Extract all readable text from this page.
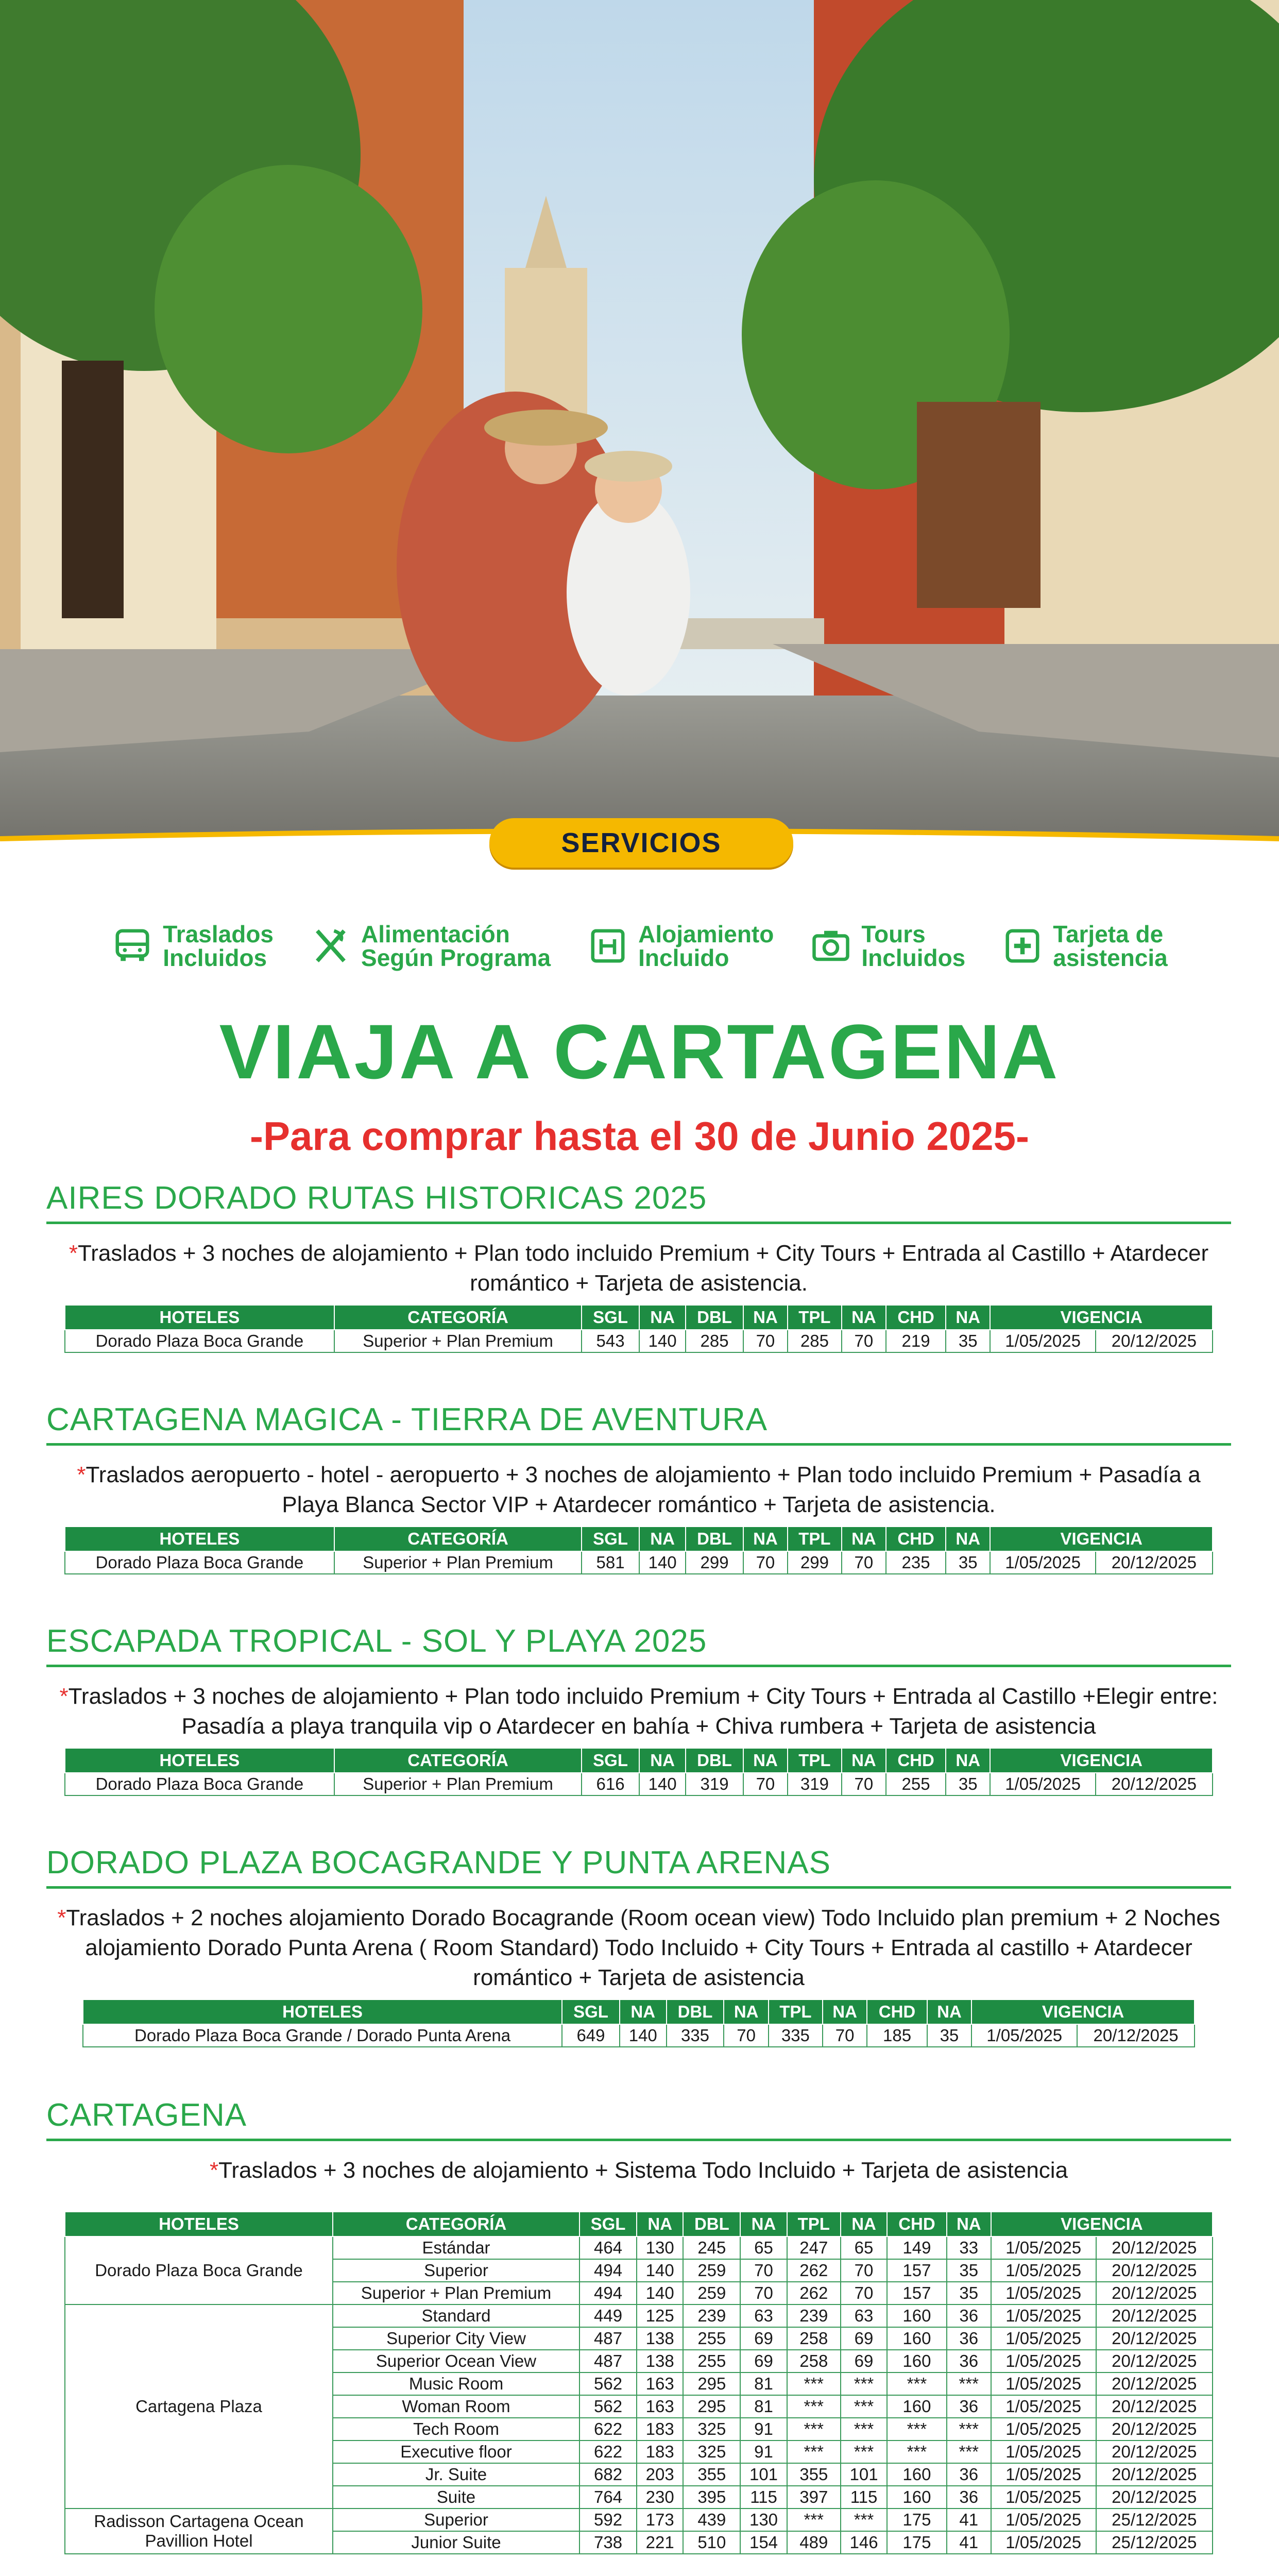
SERVICIOS
Traslados
Incluidos
Alimentación
Según Programa
Alojamiento
Incluido
Tours
Incluidos
Tarjeta de
asistencia
VIAJA A CARTAGENA
-Para comprar hasta el 30 de Junio 2025-
AIRES DORADO RUTAS HISTORICAS 2025

*Traslados + 3 noches de alojamiento + Plan todo incluido Premium + City Tours + Entrada al Castillo + Atardecer romántico + Tarjeta de asistencia.

HOTELES	CATEGORÍA	SGL	NA	DBL	NA	TPL	NA	CHD	NA	VIGENCIA	
Dorado Plaza Boca Grande	Superior + Plan Premium	543	140	285	70	285	70	219	35	1/05/2025	20/12/2025
CARTAGENA MAGICA - TIERRA DE AVENTURA

*Traslados aeropuerto - hotel - aeropuerto + 3 noches de alojamiento + Plan todo incluido Premium + Pasadía a Playa Blanca Sector VIP + Atardecer romántico + Tarjeta de asistencia.

HOTELES	CATEGORÍA	SGL	NA	DBL	NA	TPL	NA	CHD	NA	VIGENCIA	
Dorado Plaza Boca Grande	Superior + Plan Premium	581	140	299	70	299	70	235	35	1/05/2025	20/12/2025
ESCAPADA TROPICAL - SOL Y PLAYA 2025

*Traslados + 3 noches de alojamiento + Plan todo incluido Premium + City Tours + Entrada al Castillo +Elegir entre: Pasadía a playa tranquila vip o Atardecer en bahía + Chiva rumbera + Tarjeta de asistencia

HOTELES	CATEGORÍA	SGL	NA	DBL	NA	TPL	NA	CHD	NA	VIGENCIA	
Dorado Plaza Boca Grande	Superior + Plan Premium	616	140	319	70	319	70	255	35	1/05/2025	20/12/2025
DORADO PLAZA BOCAGRANDE Y PUNTA ARENAS

*Traslados + 2 noches alojamiento Dorado Bocagrande (Room ocean view) Todo Incluido plan premium + 2 Noches alojamiento Dorado Punta Arena ( Room Standard) Todo Incluido + City Tours + Entrada al castillo + Atardecer romántico + Tarjeta de asistencia

HOTELES	SGL	NA	DBL	NA	TPL	NA	CHD	NA	VIGENCIA	
Dorado Plaza Boca Grande / Dorado Punta Arena	649	140	335	70	335	70	185	35	1/05/2025	20/12/2025
CARTAGENA

*Traslados + 3 noches de alojamiento + Sistema Todo Incluido + Tarjeta de asistencia

HOTELES	CATEGORÍA	SGL	NA	DBL	NA	TPL	NA	CHD	NA	VIGENCIA	
Dorado Plaza Boca Grande	Estándar	464	130	245	65	247	65	149	33	1/05/2025	20/12/2025
	Superior	494	140	259	70	262	70	157	35	1/05/2025	20/12/2025
	Superior + Plan Premium	494	140	259	70	262	70	157	35	1/05/2025	20/12/2025
Cartagena Plaza	Standard	449	125	239	63	239	63	160	36	1/05/2025	20/12/2025
	Superior City View	487	138	255	69	258	69	160	36	1/05/2025	20/12/2025
	Superior Ocean View	487	138	255	69	258	69	160	36	1/05/2025	20/12/2025
	Music Room	562	163	295	81	***	***	***	***	1/05/2025	20/12/2025
	Woman Room	562	163	295	81	***	***	160	36	1/05/2025	20/12/2025
	Tech Room	622	183	325	91	***	***	***	***	1/05/2025	20/12/2025
	Executive floor	622	183	325	91	***	***	***	***	1/05/2025	20/12/2025
	Jr. Suite	682	203	355	101	355	101	160	36	1/05/2025	20/12/2025
	Suite	764	230	395	115	397	115	160	36	1/05/2025	20/12/2025
Radisson Cartagena Ocean Pavillion Hotel	Superior	592	173	439	130	***	***	175	41	1/05/2025	25/12/2025
	Junior Suite	738	221	510	154	489	146	175	41	1/05/2025	25/12/2025
